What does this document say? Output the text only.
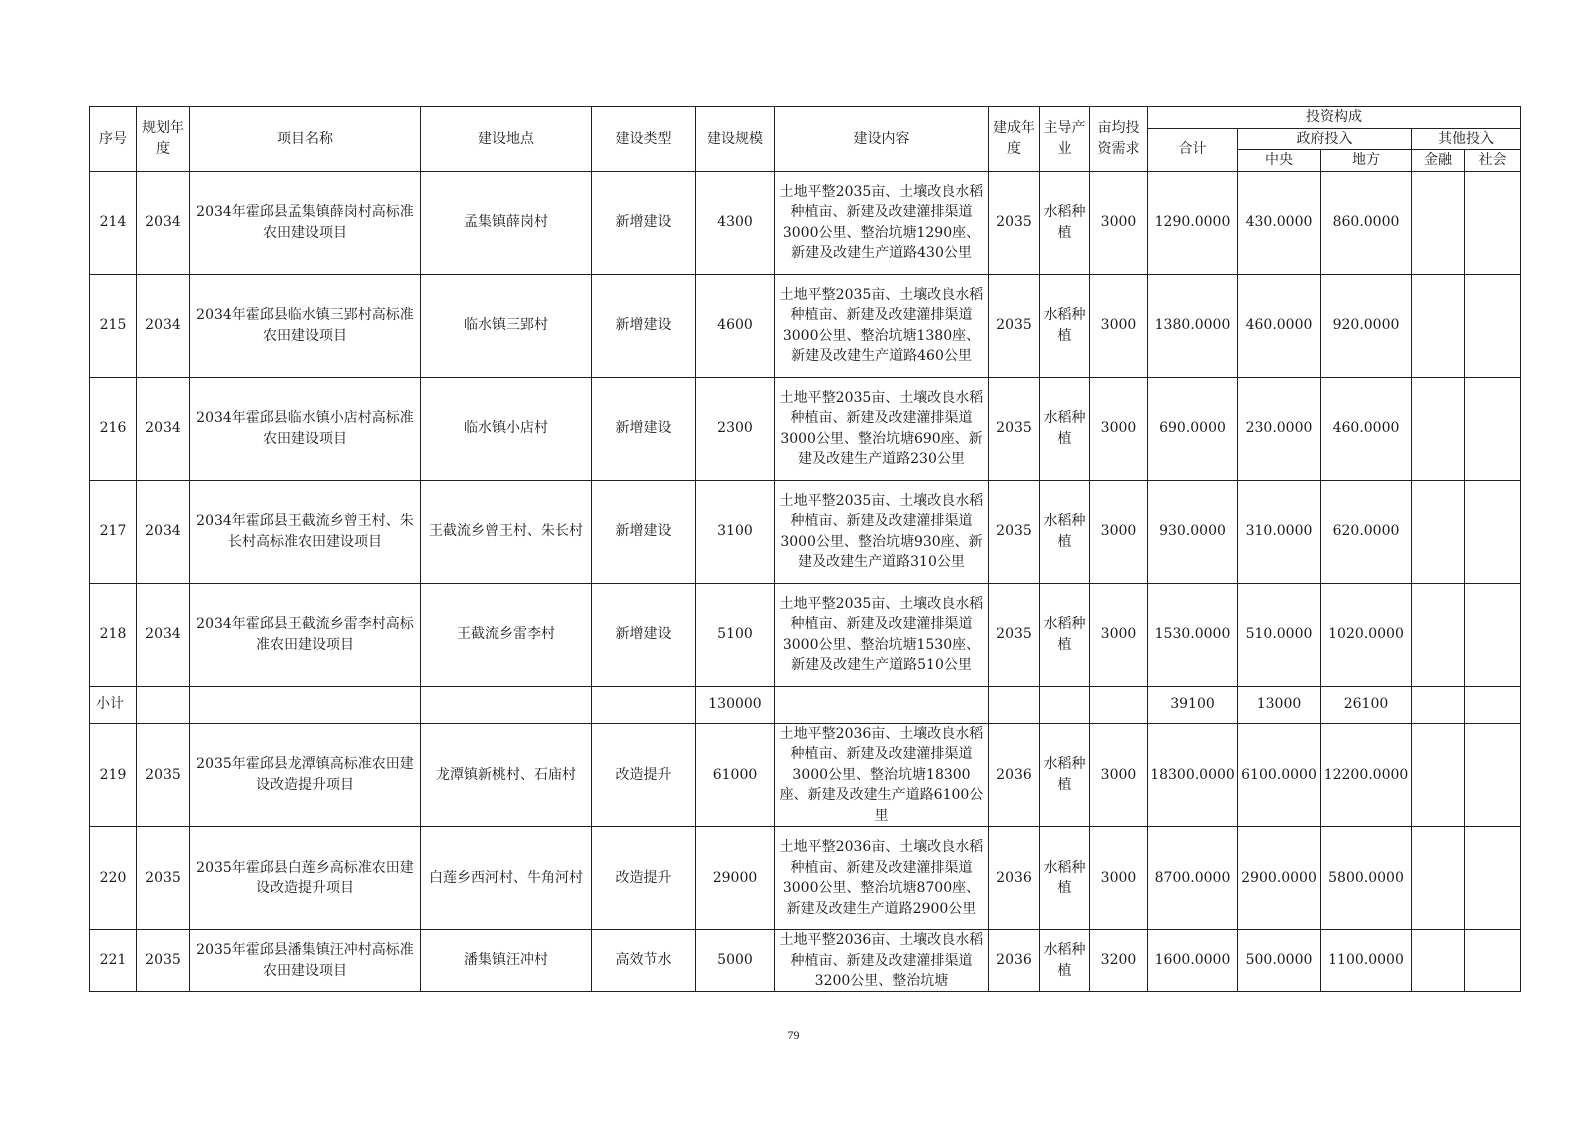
序号	规划年度	项目名称	建设地点	建设类型	建设规模	建设内容	建成年度	主导产业	亩均投资需求	投资构成				
										合计	政府投入		其他投入	
											中央	地方	金融	社会
214	2034	2034年霍邱县孟集镇薛岗村高标准农田建设项目	孟集镇薛岗村	新增建设	4300	土地平整2035亩、土壤改良水稻种植亩、新建及改建灌排渠道3000公里、整治坑塘1290座、新建及改建生产道路430公里	2035	水稻种植	3000	1290.0000	430.0000	860.0000		
215	2034	2034年霍邱县临水镇三郢村高标准农田建设项目	临水镇三郢村	新增建设	4600	土地平整2035亩、土壤改良水稻种植亩、新建及改建灌排渠道3000公里、整治坑塘1380座、新建及改建生产道路460公里	2035	水稻种植	3000	1380.0000	460.0000	920.0000		
216	2034	2034年霍邱县临水镇小店村高标准农田建设项目	临水镇小店村	新增建设	2300	土地平整2035亩、土壤改良水稻种植亩、新建及改建灌排渠道3000公里、整治坑塘690座、新建及改建生产道路230公里	2035	水稻种植	3000	690.0000	230.0000	460.0000		
217	2034	2034年霍邱县王截流乡曾王村、朱长村高标准农田建设项目	王截流乡曾王村、朱长村	新增建设	3100	土地平整2035亩、土壤改良水稻种植亩、新建及改建灌排渠道3000公里、整治坑塘930座、新建及改建生产道路310公里	2035	水稻种植	3000	930.0000	310.0000	620.0000		
218	2034	2034年霍邱县王截流乡雷李村高标准农田建设项目	王截流乡雷李村	新增建设	5100	土地平整2035亩、土壤改良水稻种植亩、新建及改建灌排渠道3000公里、整治坑塘1530座、新建及改建生产道路510公里	2035	水稻种植	3000	1530.0000	510.0000	1020.0000		
小计					130000					39100	13000	26100		
219	2035	2035年霍邱县龙潭镇高标准农田建设改造提升项目	龙潭镇新桃村、石庙村	改造提升	61000	土地平整2036亩、土壤改良水稻种植亩、新建及改建灌排渠道3000公里、整治坑塘18300座、新建及改建生产道路6100公里	2036	水稻种植	3000	18300.0000	6100.0000	12200.0000		
220	2035	2035年霍邱县白莲乡高标准农田建设改造提升项目	白莲乡西河村、牛角河村	改造提升	29000	土地平整2036亩、土壤改良水稻种植亩、新建及改建灌排渠道3000公里、整治坑塘8700座、新建及改建生产道路2900公里	2036	水稻种植	3000	8700.0000	2900.0000	5800.0000		
221	2035	2035年霍邱县潘集镇汪冲村高标准农田建设项目	潘集镇汪冲村	高效节水	5000	土地平整2036亩、土壤改良水稻种植亩、新建及改建灌排渠道3200公里、整治坑塘	2036	水稻种植	3200	1600.0000	500.0000	1100.0000		
79
